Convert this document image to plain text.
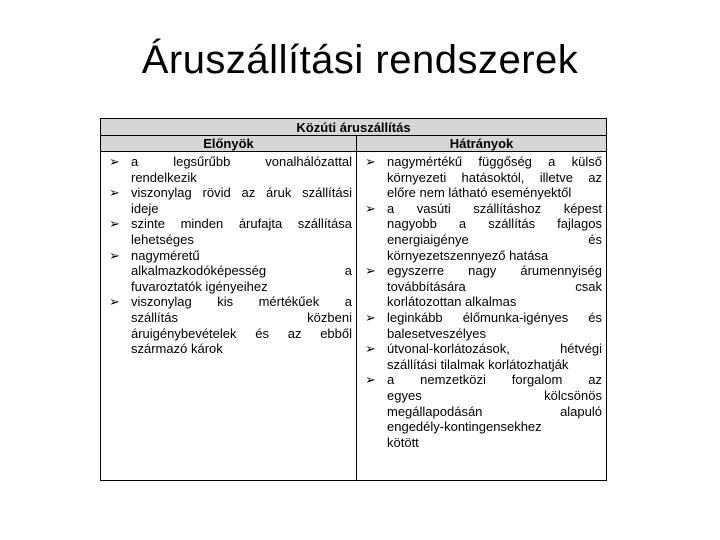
Áruszállítási rendszerek
Közúti áruszállítás
Előnyök	Hátrányok
➢ a legsűrűbb vonalhálózattal
rendelkezik
➢ viszonylag rövid az áruk szállítási
ideje
➢ szinte minden árufajta szállítása
lehetséges
➢ nagyméretű
alkalmazkodóképesség a
fuvaroztatók igényeihez
➢ viszonylag kis mértékűek a
szállítás közbeni
áruigénybevételek és az ebből
származó károk
➢ nagymértékű függőség a külső
környezeti hatásoktól, illetve az
előre nem látható eseményektől
➢ a vasúti szállításhoz képest
nagyobb a szállítás fajlagos
energiaigénye és
környezetszennyező hatása
➢ egyszerre nagy árumennyiség
továbbítására csak
korlátozottan alkalmas
➢ leginkább élőmunka-igényes és
balesetveszélyes
➢ útvonal-korlátozások, hétvégi
szállítási tilalmak korlátozhatják
➢ a nemzetközi forgalom az
egyes kölcsönös
megállapodásán alapuló
engedély-kontingensekhez
kötött
